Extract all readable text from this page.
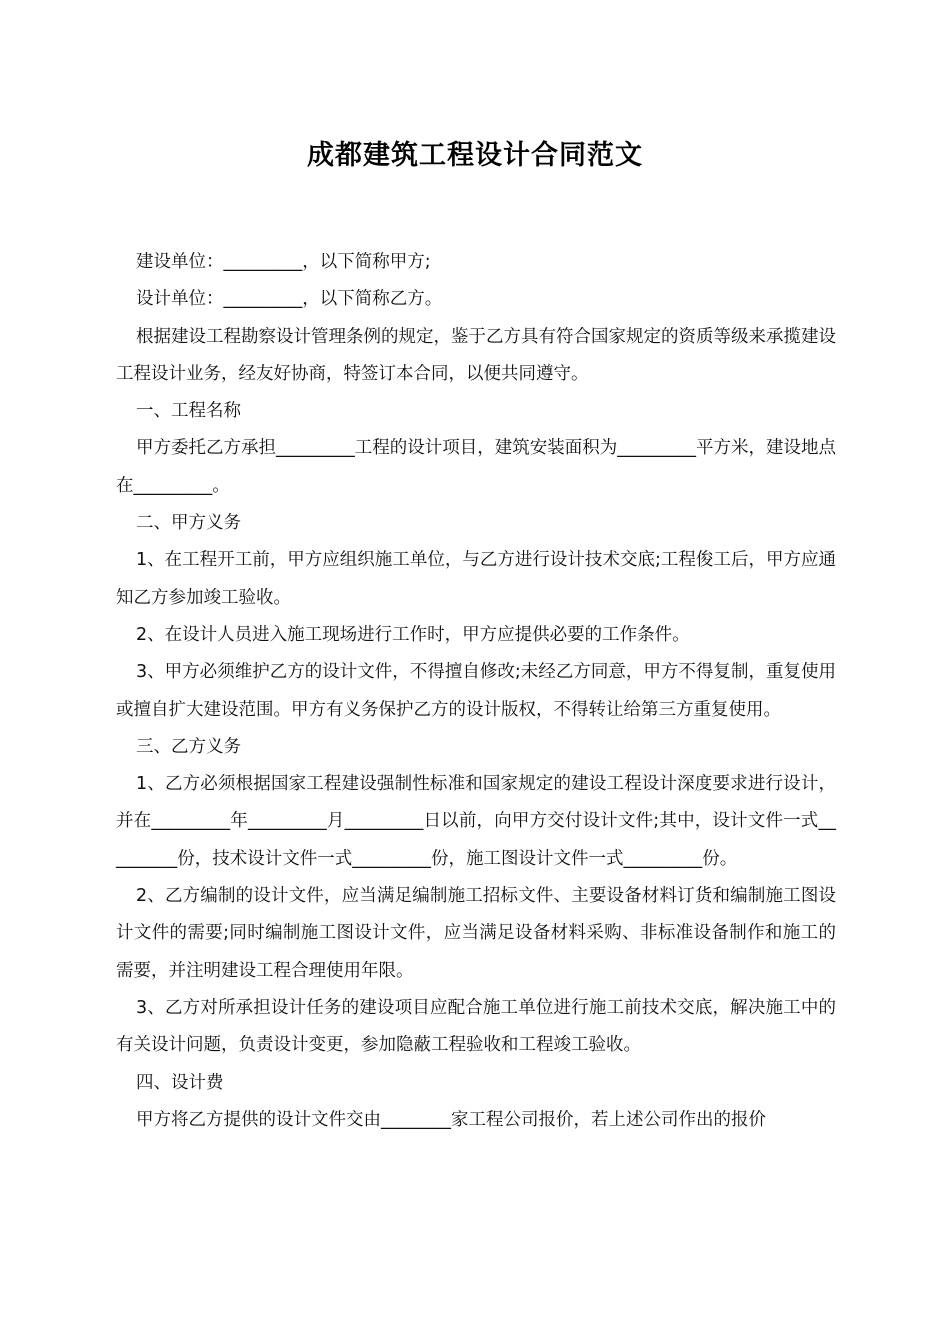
成都建筑工程设计合同范文

建设单位：_________，以下简称甲方;

设计单位：_________，以下简称乙方。

根据建设工程勘察设计管理条例的规定，鉴于乙方具有符合国家规定的资质等级来承揽建设工程设计业务，经友好协商，特签订本合同，以便共同遵守。

一、工程名称

甲方委托乙方承担_________工程的设计项目，建筑安装面积为_________平方米，建设地点在_________。

二、甲方义务

1、在工程开工前，甲方应组织施工单位，与乙方进行设计技术交底;工程俊工后，甲方应通知乙方参加竣工验收。

2、在设计人员进入施工现场进行工作时，甲方应提供必要的工作条件。

3、甲方必须维护乙方的设计文件，不得擅自修改;未经乙方同意，甲方不得复制，重复使用或擅自扩大建设范围。甲方有义务保护乙方的设计版权，不得转让给第三方重复使用。

三、乙方义务

1、乙方必须根据国家工程建设强制性标准和国家规定的建设工程设计深度要求进行设计，并在_________年_________月_________日以前，向甲方交付设计文件;其中，设计文件一式_________份，技术设计文件一式_________份，施工图设计文件一式_________份。

2、乙方编制的设计文件，应当满足编制施工招标文件、主要设备材料订货和编制施工图设计文件的需要;同时编制施工图设计文件，应当满足设备材料采购、非标准设备制作和施工的需要，并注明建设工程合理使用年限。

3、乙方对所承担设计任务的建设项目应配合施工单位进行施工前技术交底，解决施工中的有关设计问题，负责设计变更，参加隐蔽工程验收和工程竣工验收。

四、设计费

甲方将乙方提供的设计文件交由________家工程公司报价，若上述公司作出的报价
